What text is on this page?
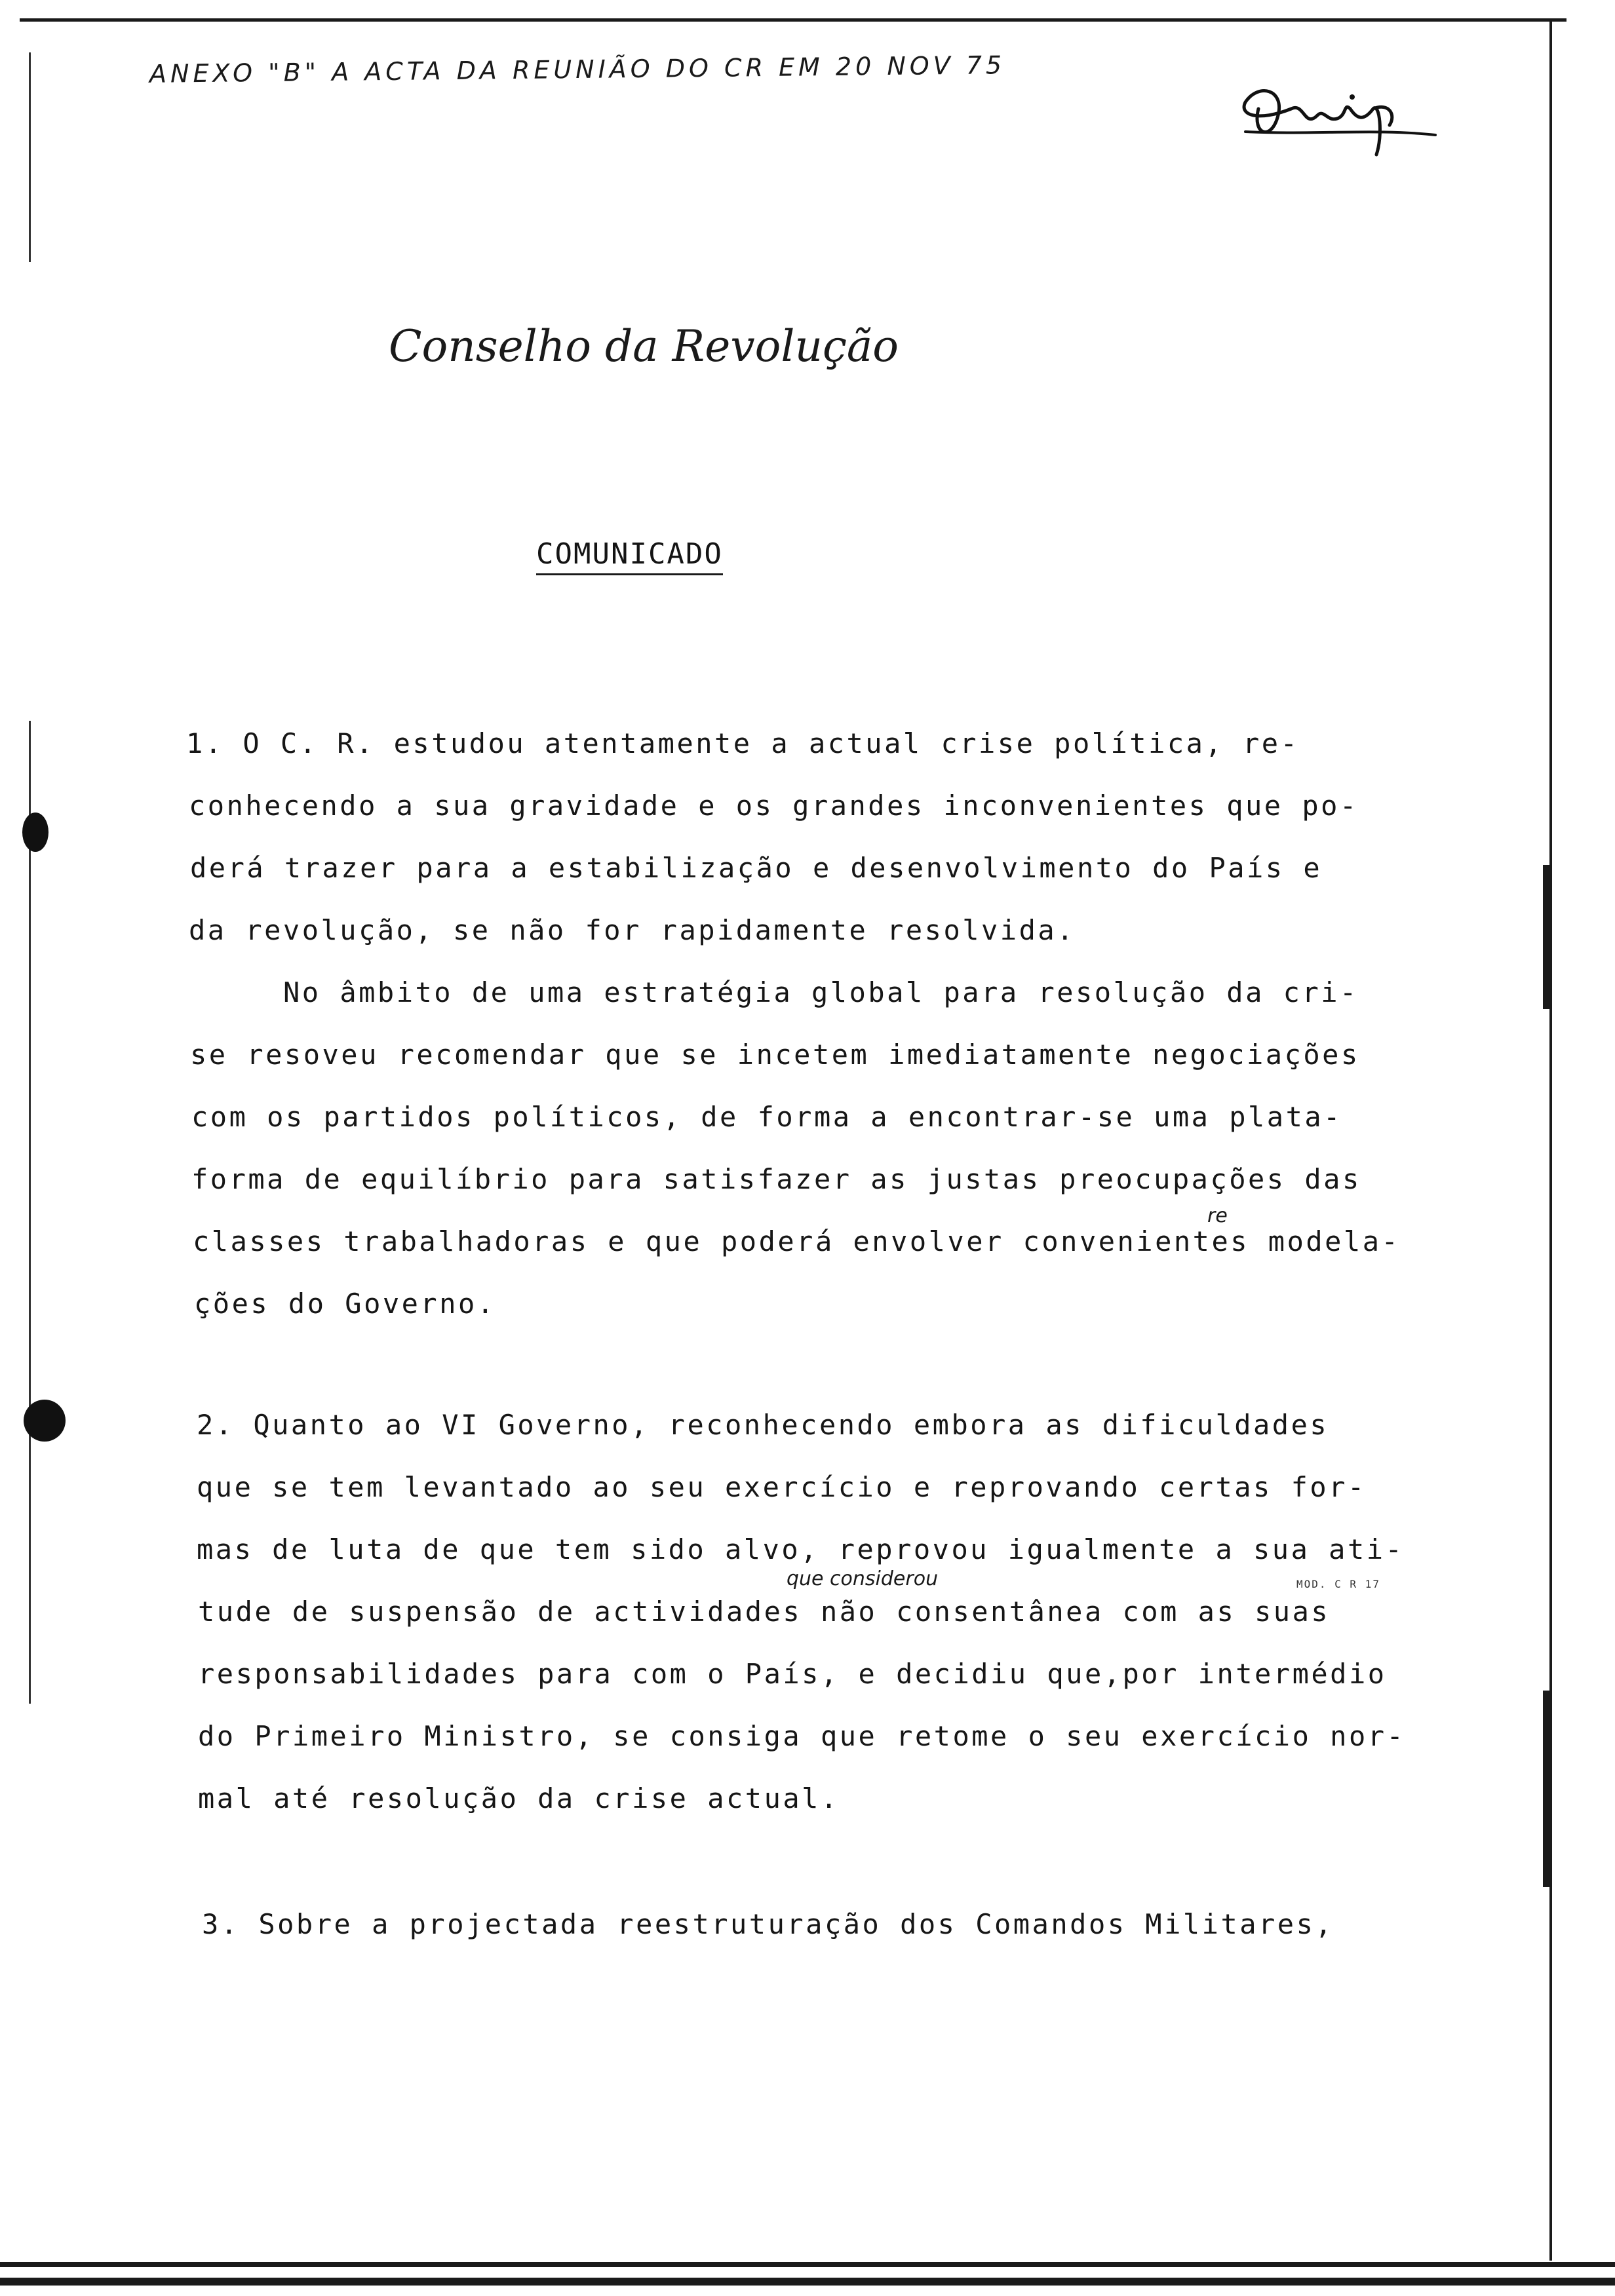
ANEXO "B" A ACTA DA REUNIÃO DO CR EM 20 NOV 75
Conselho da Revolução
COMUNICADO
1. O C. R. estudou atentamente a actual crise política, re-
conhecendo a sua gravidade e os grandes inconvenientes que po-
derá trazer para a estabilização e desenvolvimento do País e
da revolução, se não for rapidamente resolvida.
No âmbito de uma estratégia global para resolução da cri-
se resoveu recomendar que se incetem imediatamente negociações
com os partidos políticos, de forma a encontrar-se uma plata-
forma de equilíbrio para satisfazer as justas preocupações das
classes trabalhadoras e que poderá envolver convenientes modela-
re
ções do Governo.
2. Quanto ao VI Governo, reconhecendo embora as dificuldades
que se tem levantado ao seu exercício e reprovando certas for-
mas de luta de que tem sido alvo, reprovou igualmente a sua ati-
que considerou
tude de suspensão de actividades não consentânea com as suas
responsabilidades para com o País, e decidiu que,por intermédio
do Primeiro Ministro, se consiga que retome o seu exercício nor-
mal até resolução da crise actual.
3. Sobre a projectada reestruturação dos Comandos Militares,
MOD. C R 17
